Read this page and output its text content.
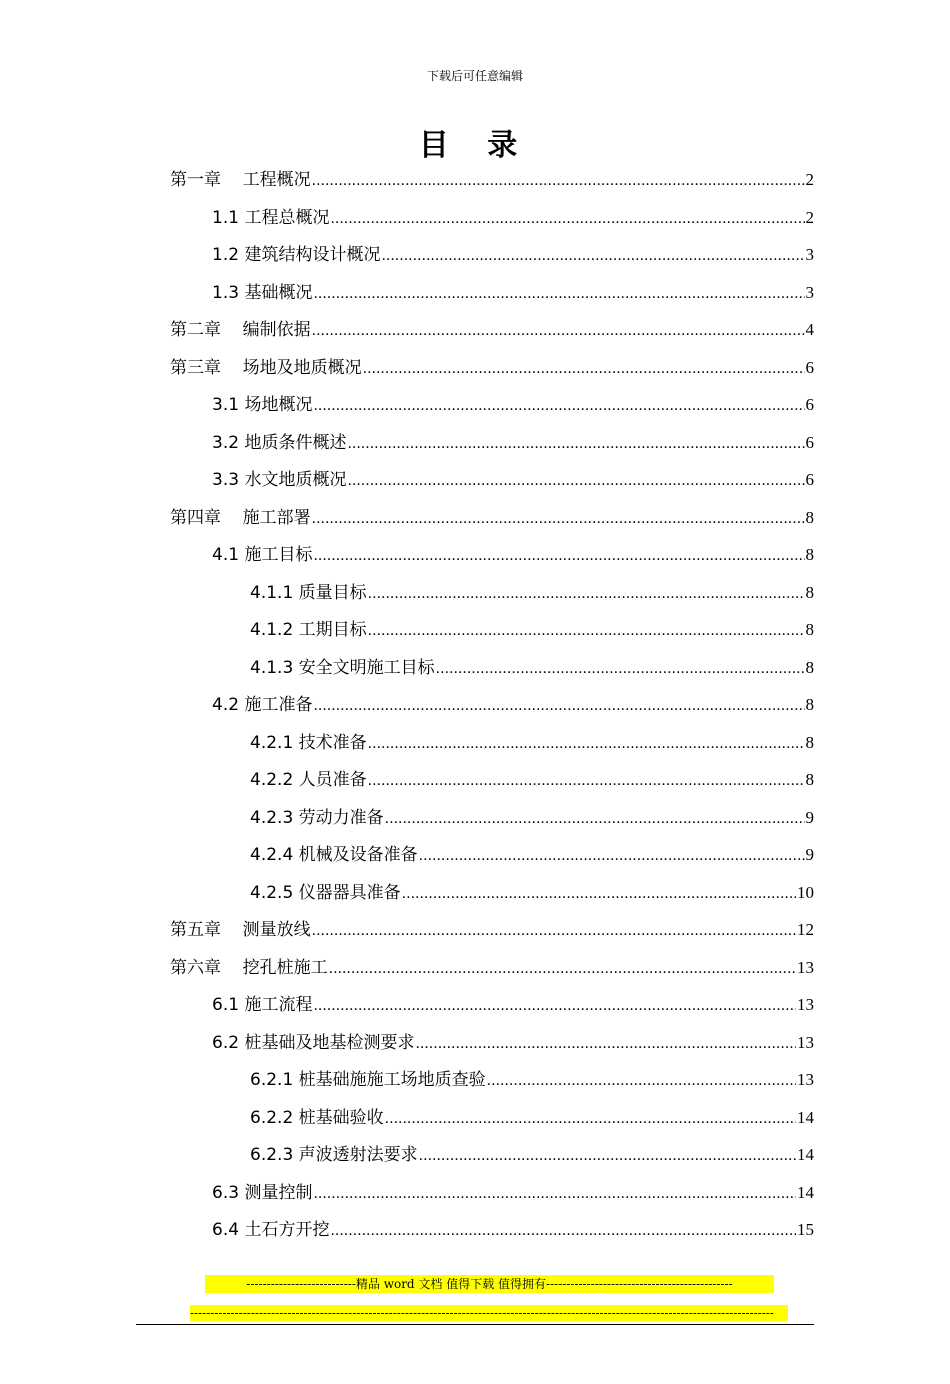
下载后可任意编辑
目 录
第一章    工程概况 .....	2
1.1 工程总概况 .....	2
1.2 建筑结构设计概况 .....	3
1.3 基础概况 .....	3
第二章    编制依据 .....	4
第三章    场地及地质概况 .....	6
3.1 场地概况 .....	6
3.2 地质条件概述 .....	6
3.3 水文地质概况 .....	6
第四章    施工部署 .....	8
4.1 施工目标 .....	8
4.1.1 质量目标 .....	8
4.1.2 工期目标 .....	8
4.1.3 安全文明施工目标 .....	8
4.2 施工准备 .....	8
4.2.1 技术准备 .....	8
4.2.2 人员准备 .....	8
4.2.3 劳动力准备 .....	9
4.2.4 机械及设备准备 .....	9
4.2.5 仪器器具准备 .....	10
第五章    测量放线 .....	12
第六章    挖孔桩施工 .....	13
6.1 施工流程 .....	13
6.2 桩基础及地基检测要求 .....	13
6.2.1 桩基础施施工场地质查验 .....	13
6.2.2 桩基础验收 .....	14
6.2.3 声波透射法要求 .....	14
6.3 测量控制 .....	14
6.4 土石方开挖 .....	15
---------------------------精品 word 文档 值得下载 值得拥有----------------------------------------------
------------------------------------------------------------------------------------------------------------------------------------------------
